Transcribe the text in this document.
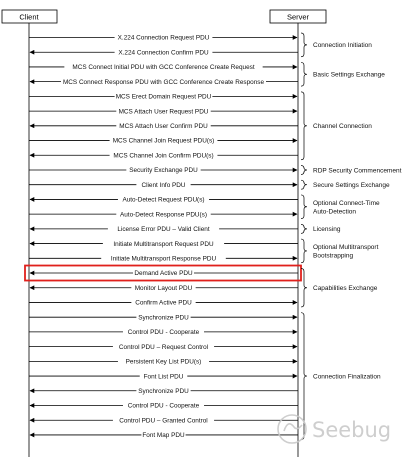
Client	Server
X.224 Connection Request PDU
X.224 Connection Confirm PDU
MCS Connect Initial PDU with GCC Conference Create Request
MCS Connect Response PDU with GCC Conference Create Response
MCS Erect Domain Request PDU
MCS Attach User Request PDU
MCS Attach User Confirm PDU
MCS Channel Join Request PDU(s)
MCS Channel Join Confirm PDU(s)
Security Exchange PDU
Client Info PDU
Auto-Detect Request PDU(s)
Auto-Detect Response PDU(s)
License Error PDU – Valid Client
Initiate Multitransport Request PDU
Initiate Multitransport Response PDU
Demand Active PDU
Monitor Layout PDU
Confirm Active PDU
Synchronize PDU
Control PDU - Cooperate
Control PDU – Request Control
Persistent Key List PDU(s)
Font List PDU
Synchronize PDU
Control PDU - Cooperate
Control PDU – Granted Control
Font Map PDU
Connection Initiation
Basic Settings Exchange
Channel Connection
RDP Security Commencement
Secure Settings Exchange
Optional Connect-Time
Auto-Detection
Licensing
Optional Multitransport
Bootstrapping
Capabilities Exchange
Connection Finalization
Seebug
